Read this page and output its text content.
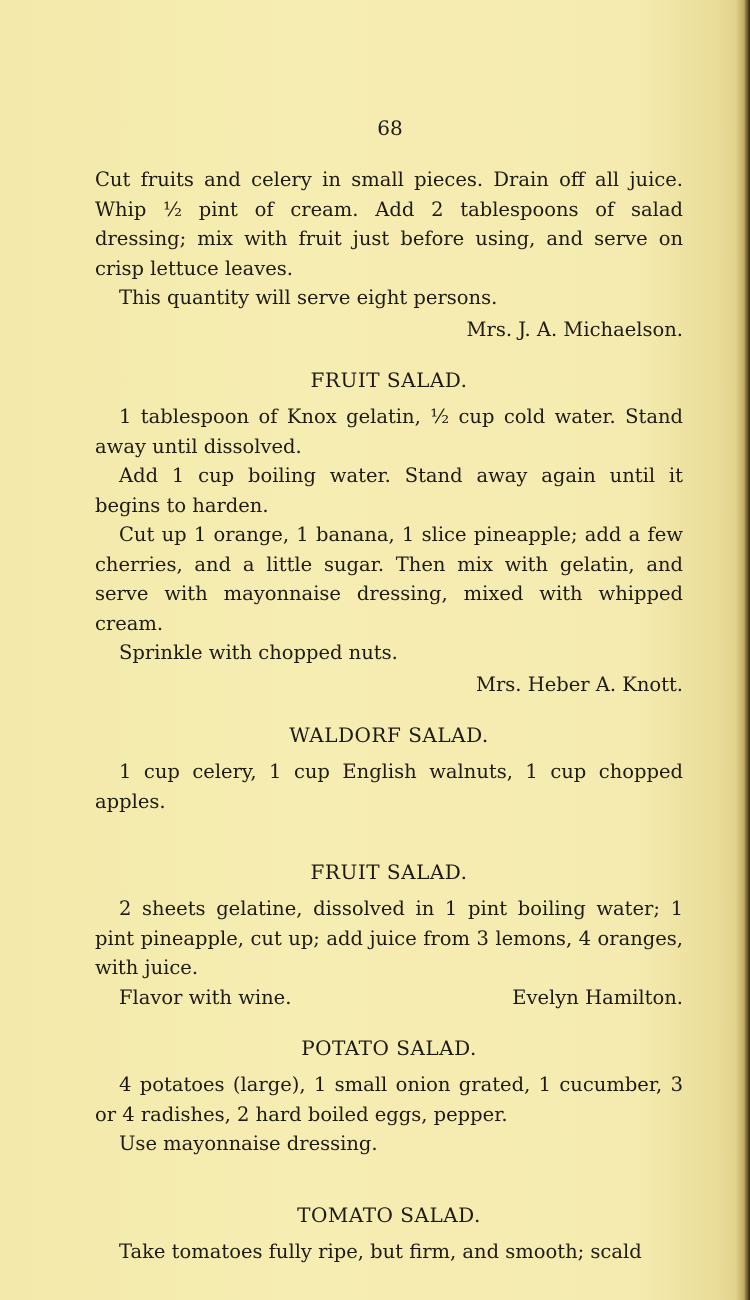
68

Cut fruits and celery in small pieces. Drain off all juice. Whip ½ pint of cream. Add 2 tablespoons of salad dressing; mix with fruit just before using, and serve on crisp lettuce leaves.

This quantity will serve eight persons.

Mrs. J. A. Michaelson.

FRUIT SALAD.

1 tablespoon of Knox gelatin, ½ cup cold water. Stand away until dissolved.

Add 1 cup boiling water. Stand away again until it begins to harden.

Cut up 1 orange, 1 banana, 1 slice pineapple; add a few cherries, and a little sugar. Then mix with gelatin, and serve with mayonnaise dressing, mixed with whipped cream.

Sprinkle with chopped nuts.

Mrs. Heber A. Knott.

WALDORF SALAD.

1 cup celery, 1 cup English walnuts, 1 cup chopped apples.

FRUIT SALAD.

2 sheets gelatine, dissolved in 1 pint boiling water; 1 pint pineapple, cut up; add juice from 3 lemons, 4 oranges, with juice.

Flavor with wine.	Evelyn Hamilton.
POTATO SALAD.

4 potatoes (large), 1 small onion grated, 1 cucumber, 3 or 4 radishes, 2 hard boiled eggs, pepper.

Use mayonnaise dressing.

TOMATO SALAD.

Take tomatoes fully ripe, but firm, and smooth; scald
